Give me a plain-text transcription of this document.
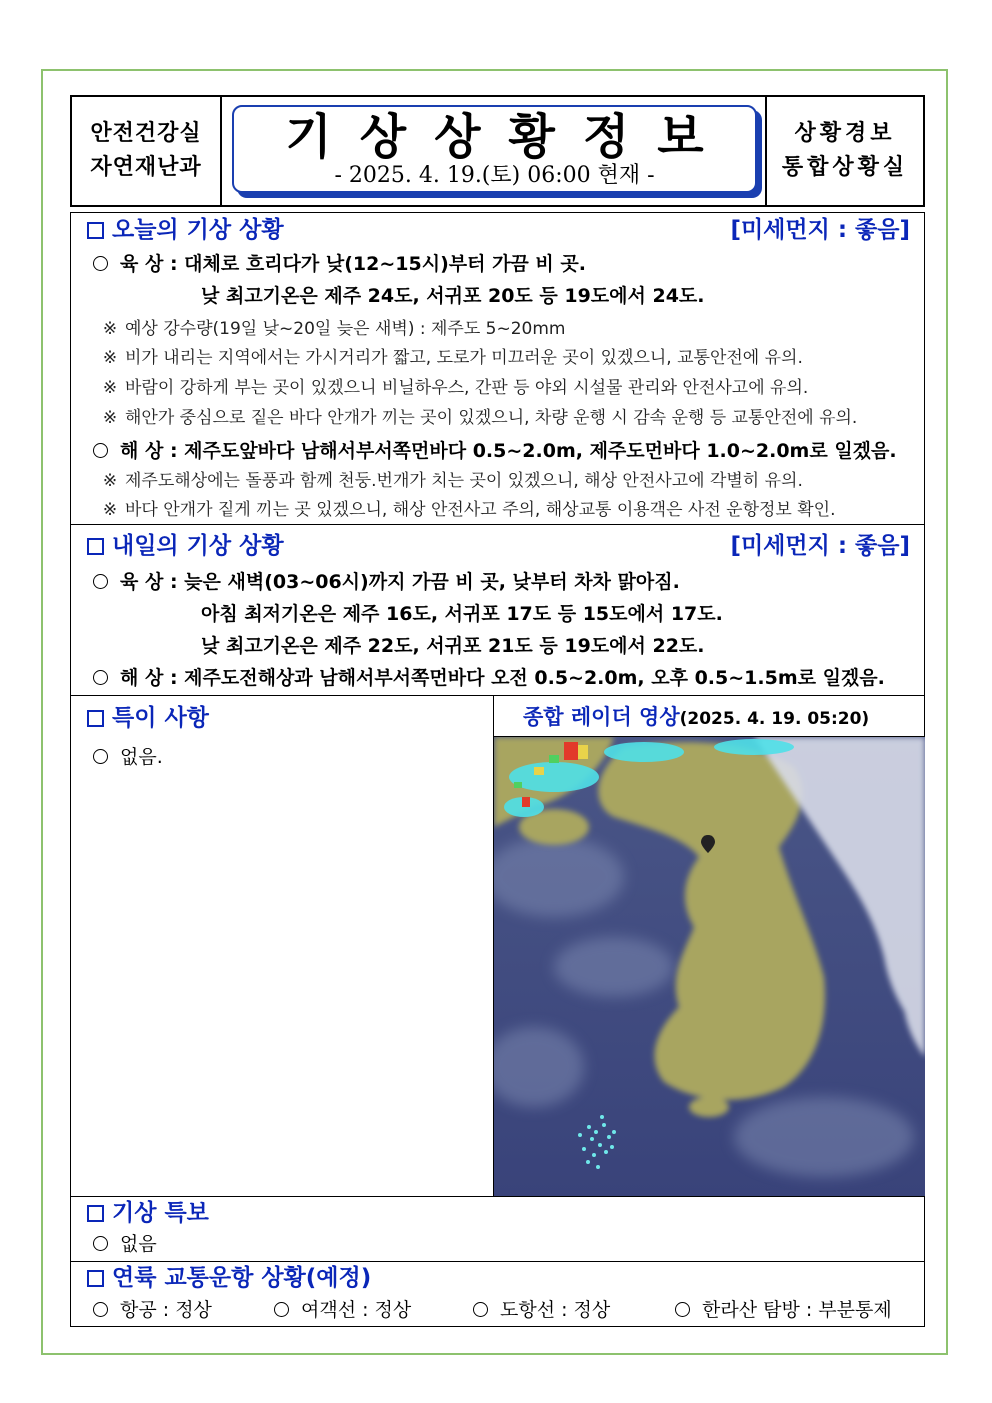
안전건강실
자연재난과
기상상황정보
- 2025. 4. 19.(토) 06:00 현재 -
상황경보
통합상황실
오늘의 기상 상황	[미세먼지 : 좋음]
육 상 : 대체로 흐리다가 낮(12~15시)부터 가끔 비 곳.
낮 최고기온은 제주 24도, 서귀포 20도 등 19도에서 24도.
※ 예상 강수량(19일 낮~20일 늦은 새벽) : 제주도 5~20mm
※ 비가 내리는 지역에서는 가시거리가 짧고, 도로가 미끄러운 곳이 있겠으니, 교통안전에 유의.
※ 바람이 강하게 부는 곳이 있겠으니 비닐하우스, 간판 등 야외 시설물 관리와 안전사고에 유의.
※ 해안가 중심으로 짙은 바다 안개가 끼는 곳이 있겠으니, 차량 운행 시 감속 운행 등 교통안전에 유의.
해 상 : 제주도앞바다 남해서부서쪽먼바다 0.5~2.0m, 제주도먼바다 1.0~2.0m로 일겠음.
※ 제주도해상에는 돌풍과 함께 천둥.번개가 치는 곳이 있겠으니, 해상 안전사고에 각별히 유의.
※ 바다 안개가 짙게 끼는 곳 있겠으니, 해상 안전사고 주의, 해상교통 이용객은 사전 운항정보 확인.
내일의 기상 상황	[미세먼지 : 좋음]
육 상 : 늦은 새벽(03~06시)까지 가끔 비 곳, 낮부터 차차 맑아짐.
아침 최저기온은 제주 16도, 서귀포 17도 등 15도에서 17도.
낮 최고기온은 제주 22도, 서귀포 21도 등 19도에서 22도.
해 상 : 제주도전해상과 남해서부서쪽먼바다 오전 0.5~2.0m, 오후 0.5~1.5m로 일겠음.
특이 사항
없음.
종합 레이더 영상(2025. 4. 19. 05:20)
기상 특보
없음
연륙 교통운항 상황(예정)
항공 : 정상	여객선 : 정상	도항선 : 정상	한라산 탐방 : 부분통제
